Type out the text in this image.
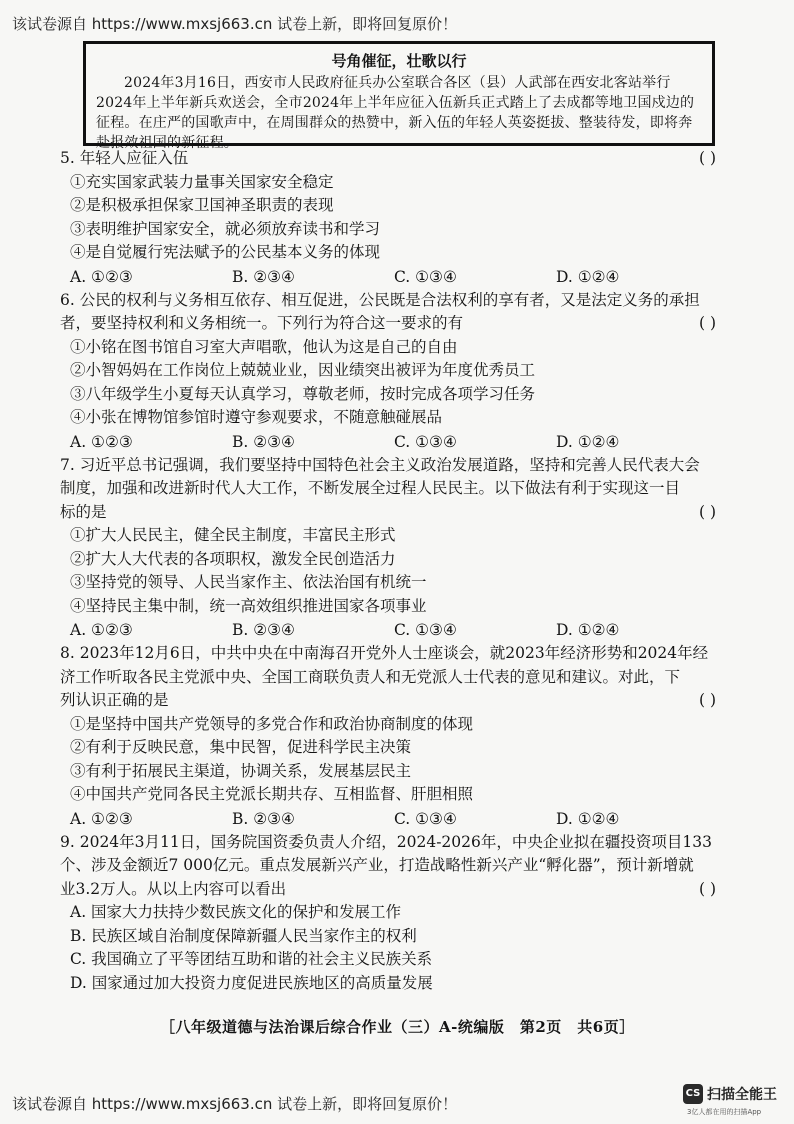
该试卷源自 https://www.mxsj663.cn 试卷上新，即将回复原价！
号角催征，壮歌以行
2024年3月16日，西安市人民政府征兵办公室联合各区（县）人武部在西安北客站举行2024年上半年新兵欢送会，全市2024年上半年应征入伍新兵正式踏上了去成都等地卫国戍边的征程。在庄严的国歌声中，在周围群众的热赞中，新入伍的年轻人英姿挺拔、整装待发，即将奔赴报效祖国的新征程。
5. 年轻人应征入伍	( )
①充实国家武装力量事关国家安全稳定
②是积极承担保家卫国神圣职责的表现
③表明维护国家安全，就必须放弃读书和学习
④是自觉履行宪法赋予的公民基本义务的体现
A. ①②③	B. ②③④	C. ①③④	D. ①②④
6. 公民的权利与义务相互依存、相互促进，公民既是合法权利的享有者，又是法定义务的承担
者，要坚持权利和义务相统一。下列行为符合这一要求的有	( )
①小铭在图书馆自习室大声唱歌，他认为这是自己的自由
②小智妈妈在工作岗位上兢兢业业，因业绩突出被评为年度优秀员工
③八年级学生小夏每天认真学习，尊敬老师，按时完成各项学习任务
④小张在博物馆参馆时遵守参观要求，不随意触碰展品
A. ①②③	B. ②③④	C. ①③④	D. ①②④
7. 习近平总书记强调，我们要坚持中国特色社会主义政治发展道路，坚持和完善人民代表大会
制度，加强和改进新时代人大工作，不断发展全过程人民民主。以下做法有利于实现这一目
标的是	( )
①扩大人民民主，健全民主制度，丰富民主形式
②扩大人大代表的各项职权，激发全民创造活力
③坚持党的领导、人民当家作主、依法治国有机统一
④坚持民主集中制，统一高效组织推进国家各项事业
A. ①②③	B. ②③④	C. ①③④	D. ①②④
8. 2023年12月6日，中共中央在中南海召开党外人士座谈会，就2023年经济形势和2024年经
济工作听取各民主党派中央、全国工商联负责人和无党派人士代表的意见和建议。对此，下
列认识正确的是	( )
①是坚持中国共产党领导的多党合作和政治协商制度的体现
②有利于反映民意，集中民智，促进科学民主决策
③有利于拓展民主渠道，协调关系，发展基层民主
④中国共产党同各民主党派长期共存、互相监督、肝胆相照
A. ①②③	B. ②③④	C. ①③④	D. ①②④
9. 2024年3月11日，国务院国资委负责人介绍，2024-2026年，中央企业拟在疆投资项目133
个、涉及金额近7 000亿元。重点发展新兴产业，打造战略性新兴产业“孵化器”，预计新增就
业3.2万人。从以上内容可以看出	( )
A. 国家大力扶持少数民族文化的保护和发展工作
B. 民族区域自治制度保障新疆人民当家作主的权利
C. 我国确立了平等团结互助和谐的社会主义民族关系
D. 国家通过加大投资力度促进民族地区的高质量发展
［八年级道德与法治课后综合作业（三）A-统编版　第2页　共6页］
该试卷源自 https://www.mxsj663.cn 试卷上新，即将回复原价！
CS 扫描全能王
3亿人都在用的扫描App
